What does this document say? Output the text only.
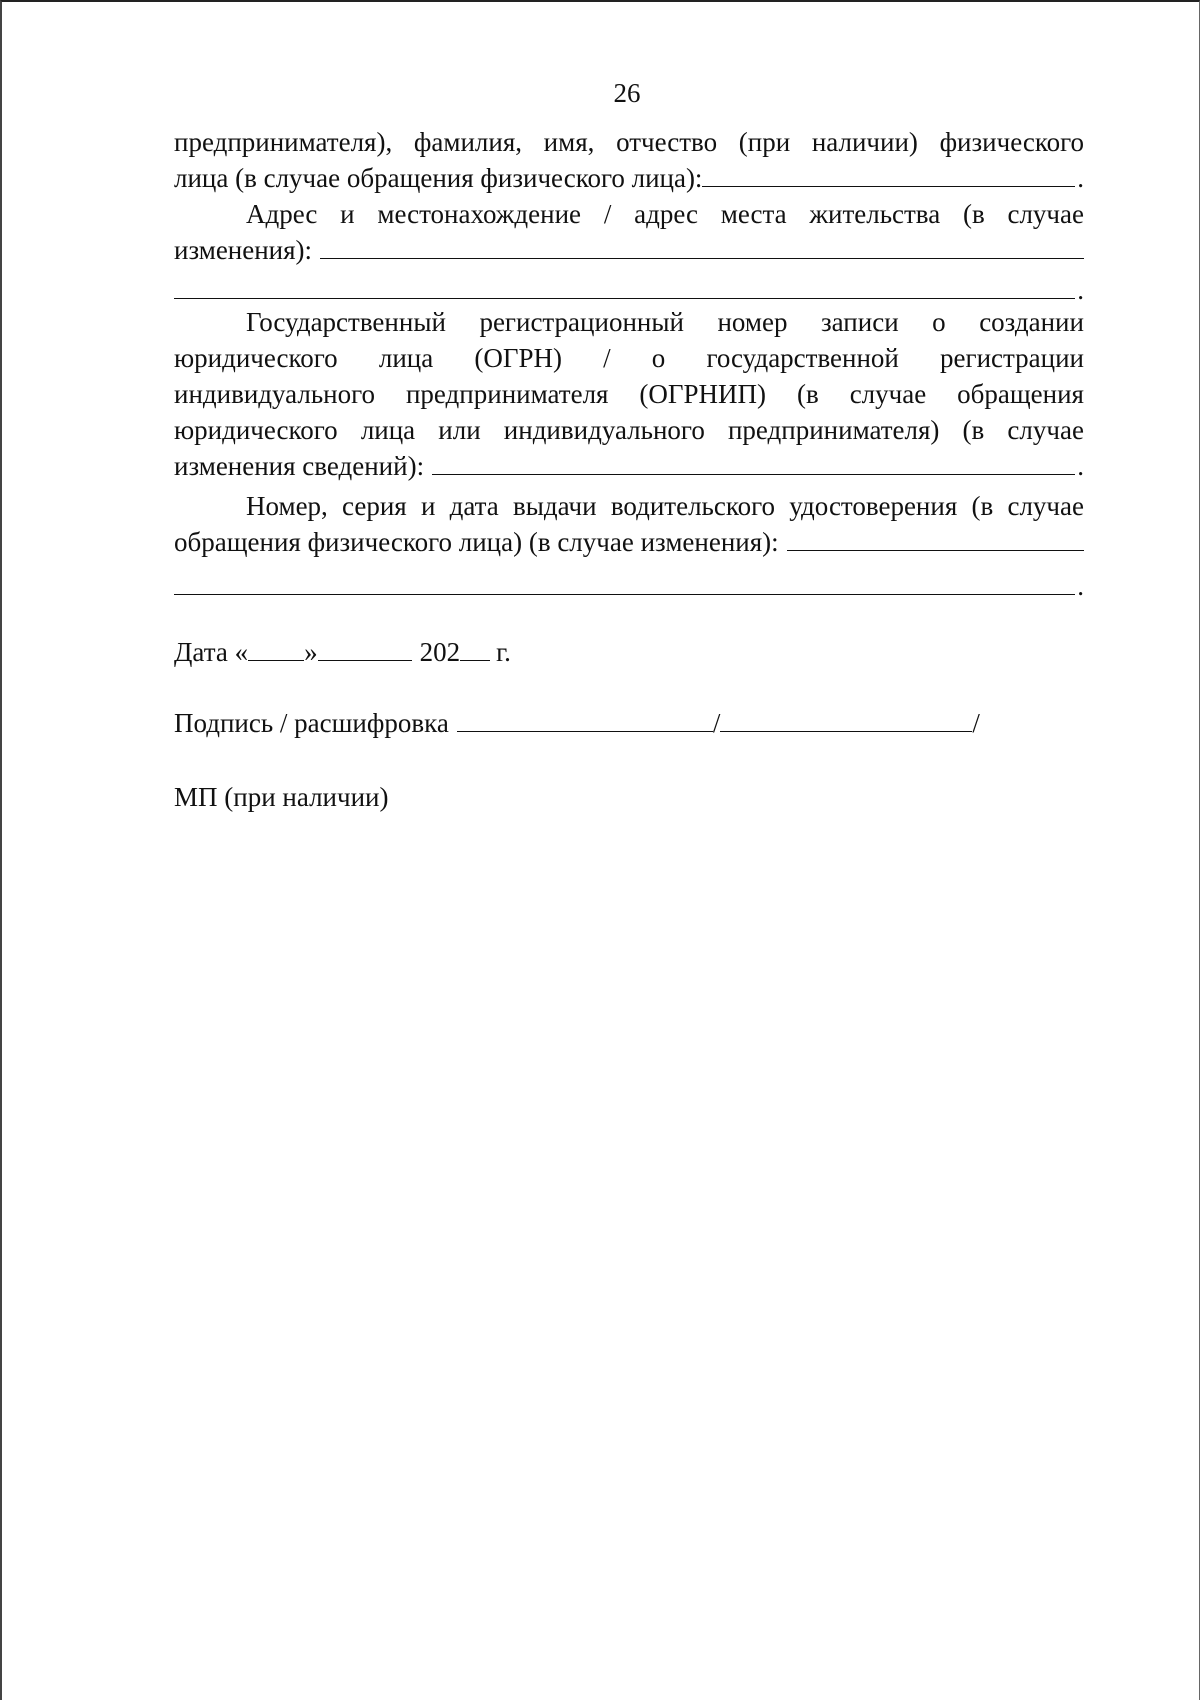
26
предпринимателя), фамилия, имя, отчество (при наличии) физического
лица (в случае обращения физического лица):	.
Адрес и местонахождение / адрес места жительства (в случае
изменения):
.
Государственный регистрационный номер записи о создании
юридического лица (ОГРН) / о государственной регистрации
индивидуального предпринимателя (ОГРНИП) (в случае обращения
юридического лица или индивидуального предпринимателя) (в случае
изменения сведений):	.
Номер, серия и дата выдачи водительского удостоверения (в случае
обращения физического лица) (в случае изменения):
.
Дата « »	202 г.
Подпись / расшифровка	/	/
МП (при наличии)
